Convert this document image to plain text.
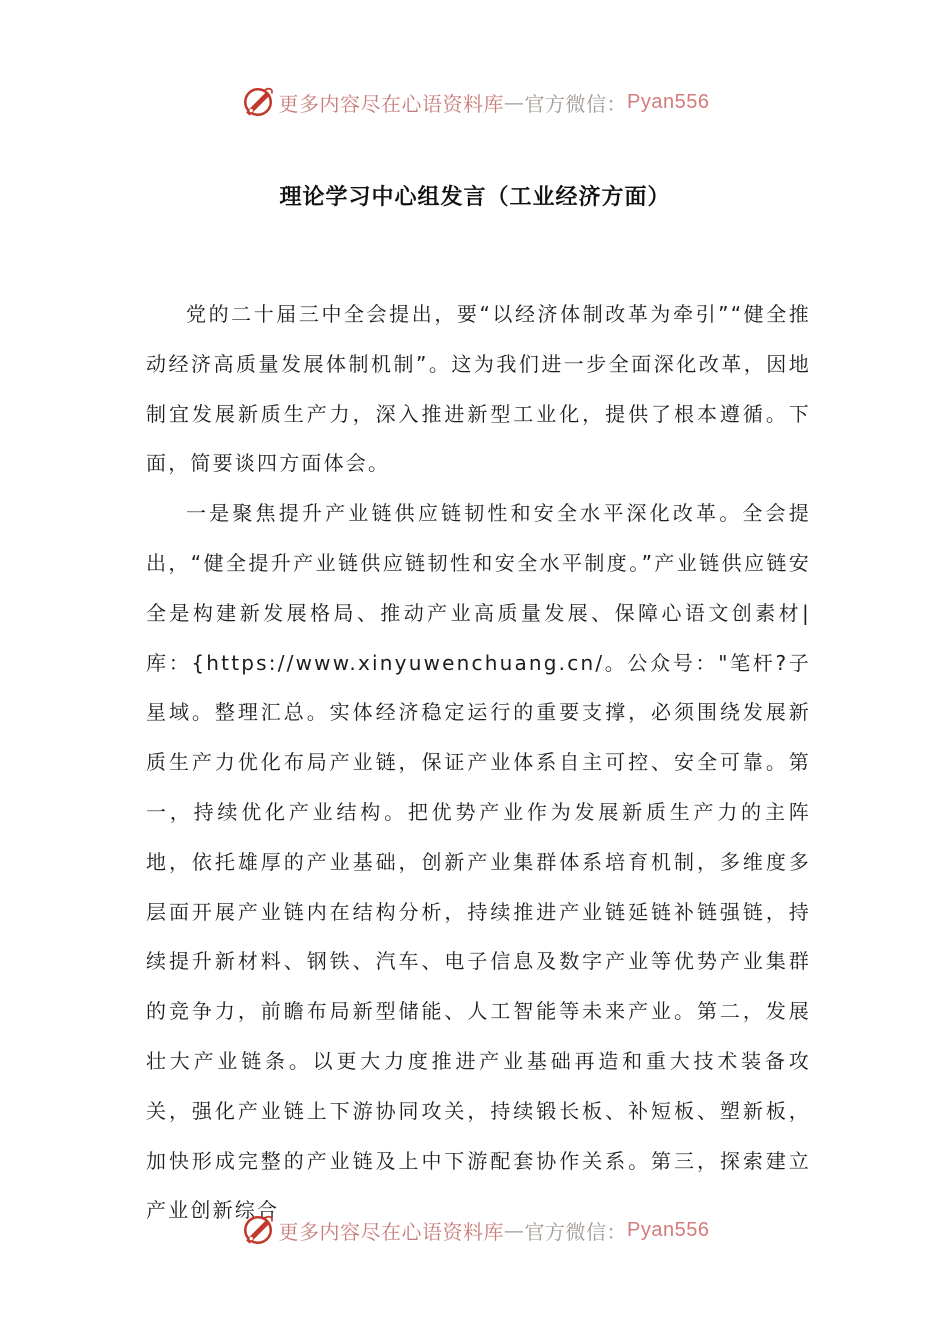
更多内容尽在心语资料库 — 官方微信： Pyan556
理论学习中心组发言（工业经济方面）

党的二十届三中全会提出，要“以经济体制改革为牵引”“健全推动经济高质量发展体制机制”。这为我们进一步全面深化改革，因地制宜发展新质生产力，深入推进新型工业化，提供了根本遵循。下面，简要谈四方面体会。

一是聚焦提升产业链供应链韧性和安全水平深化改革。全会提出，“健全提升产业链供应链韧性和安全水平制度。”产业链供应链安全是构建新发展格局、推动产业高质量发展、保障心语文创素材|库：{https://www.xinyuwenchuang.cn/。公众号："笔杆?子星域。整理汇总。实体经济稳定运行的重要支撑，必须围绕发展新质生产力优化布局产业链，保证产业体系自主可控、安全可靠。第一，持续优化产业结构。把优势产业作为发展新质生产力的主阵地，依托雄厚的产业基础，创新产业集群体系培育机制，多维度多层面开展产业链内在结构分析，持续推进产业链延链补链强链，持续提升新材料、钢铁、汽车、电子信息及数字产业等优势产业集群的竞争力，前瞻布局新型储能、人工智能等未来产业。第二，发展壮大产业链条。以更大力度推进产业基础再造和重大技术装备攻关，强化产业链上下游协同攻关，持续锻长板、补短板、塑新板，加快形成完整的产业链及上中下游配套协作关系。第三，探索建立产业创新综合

更多内容尽在心语资料库 — 官方微信： Pyan556
